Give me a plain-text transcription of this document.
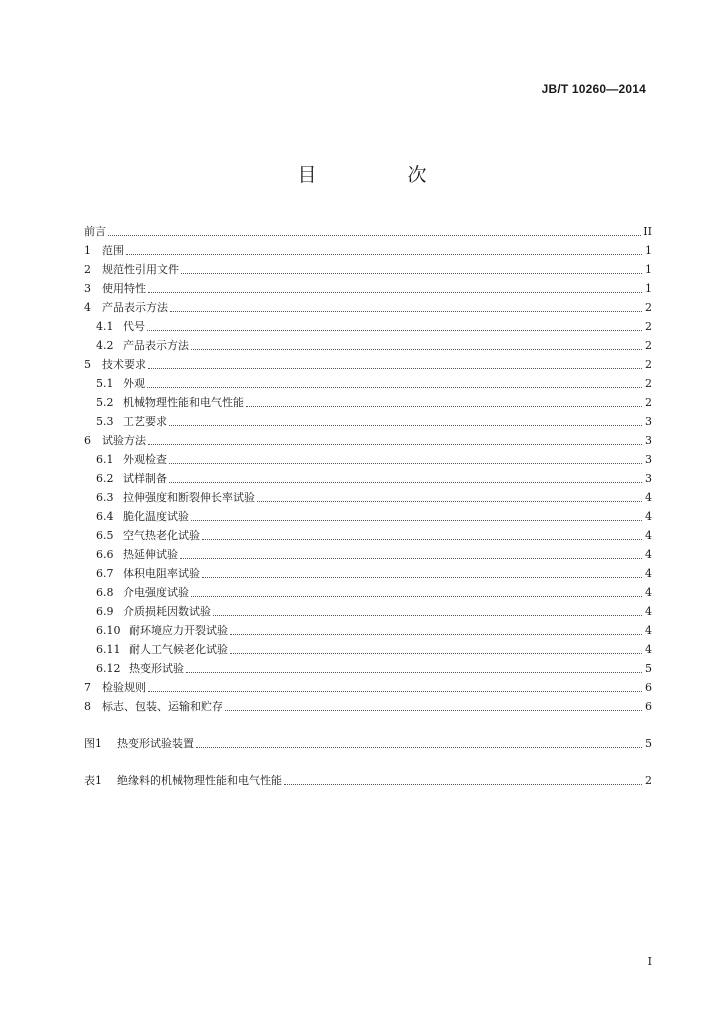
JB/T 10260—2014
目　次
前言	II
1	范围	1
2	规范性引用文件	1
3	使用特性	1
4	产品表示方法	2
4.1 代号	2
4.2 产品表示方法	2
5	技术要求	2
5.1 外观	2
5.2 机械物理性能和电气性能	2
5.3 工艺要求	3
6	试验方法	3
6.1 外观检查	3
6.2 试样制备	3
6.3 拉伸强度和断裂伸长率试验	4
6.4 脆化温度试验	4
6.5 空气热老化试验	4
6.6 热延伸试验	4
6.7 体积电阻率试验	4
6.8 介电强度试验	4
6.9 介质损耗因数试验	4
6.10 耐环境应力开裂试验	4
6.11 耐人工气候老化试验	4
6.12 热变形试验	5
7	检验规则	6
8	标志、包装、运输和贮存	6
图1	热变形试验装置	5
表1	绝缘料的机械物理性能和电气性能	2
I
